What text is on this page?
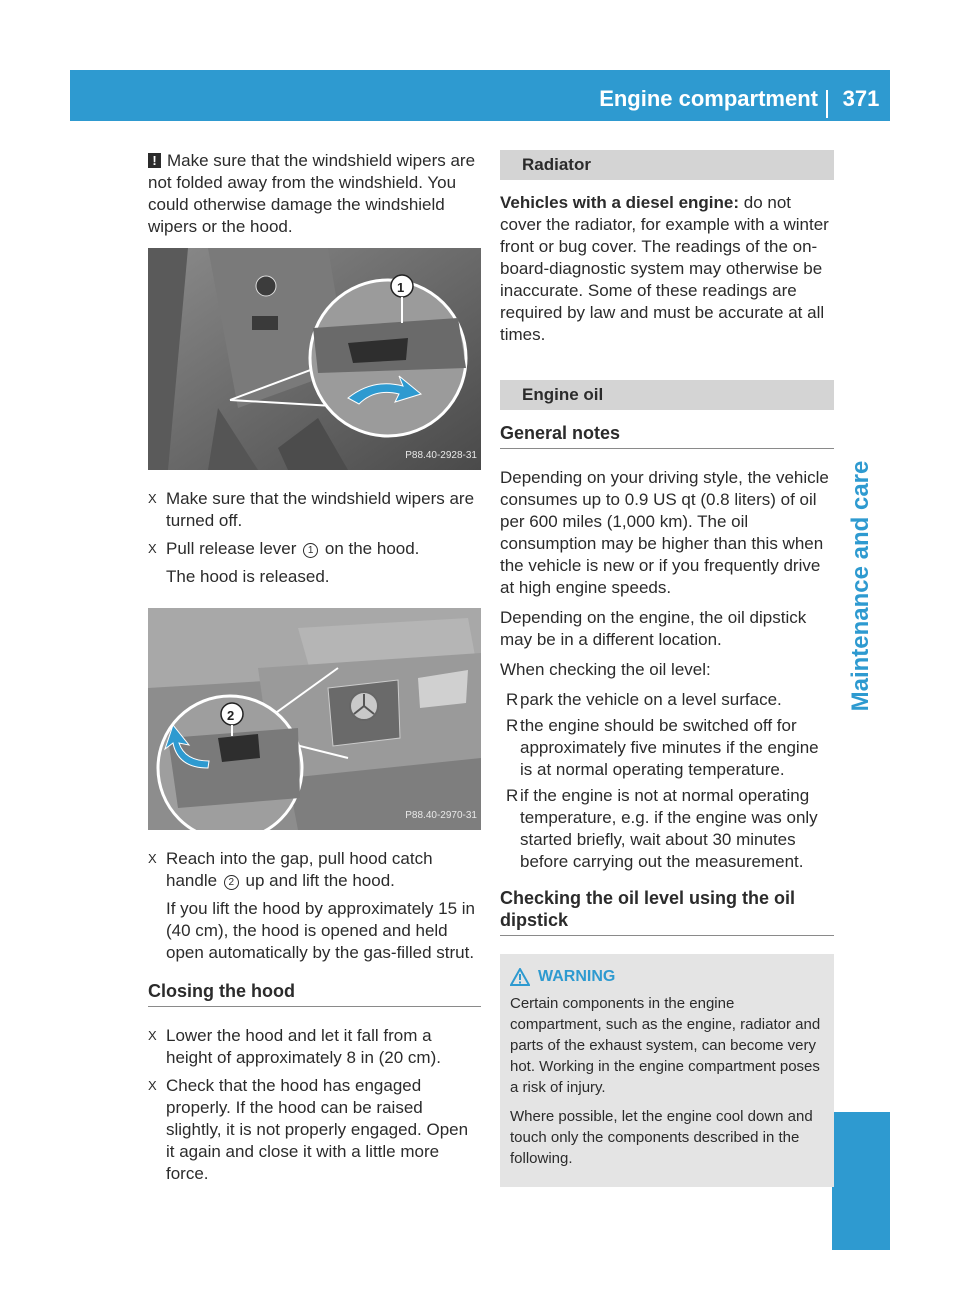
Engine compartment	371
Maintenance and care

! Make sure that the windshield wipers are not folded away from the windshield. You could otherwise damage the windshield wipers or the hood.

1
P88.40-2928-31
X Make sure that the windshield wipers are turned off.
X Pull release lever 1 on the hood.

The hood is released.

2
P88.40-2970-31
X Reach into the gap, pull hood catch handle 2 up and lift the hood.

If you lift the hood by approximately 15 in (40 cm), the hood is opened and held open automatically by the gas-filled strut.

Closing the hood
X Lower the hood and let it fall from a height of approximately 8 in (20 cm).
X Check that the hood has engaged properly. If the hood can be raised slightly, it is not properly engaged. Open it again and close it with a little more force.
Radiator

Vehicles with a diesel engine: do not cover the radiator, for example with a winter front or bug cover. The readings of the on-board-diagnostic system may otherwise be inaccurate. Some of these readings are required by law and must be accurate at all times.

Engine oil
General notes

Depending on your driving style, the vehicle consumes up to 0.9 US qt (0.8 liters) of oil per 600 miles (1,000 km). The oil consumption may be higher than this when the vehicle is new or if you frequently drive at high engine speeds.

Depending on the engine, the oil dipstick may be in a different location.

When checking the oil level:

R park the vehicle on a level surface.
R the engine should be switched off for approximately five minutes if the engine is at normal operating temperature.
R if the engine is not at normal operating temperature, e.g. if the engine was only started briefly, wait about 30 minutes before carrying out the measurement.
Checking the oil level using the oil dipstick
WARNING

Certain components in the engine compartment, such as the engine, radiator and parts of the exhaust system, can become very hot. Working in the engine compartment poses a risk of injury.

Where possible, let the engine cool down and touch only the components described in the following.
